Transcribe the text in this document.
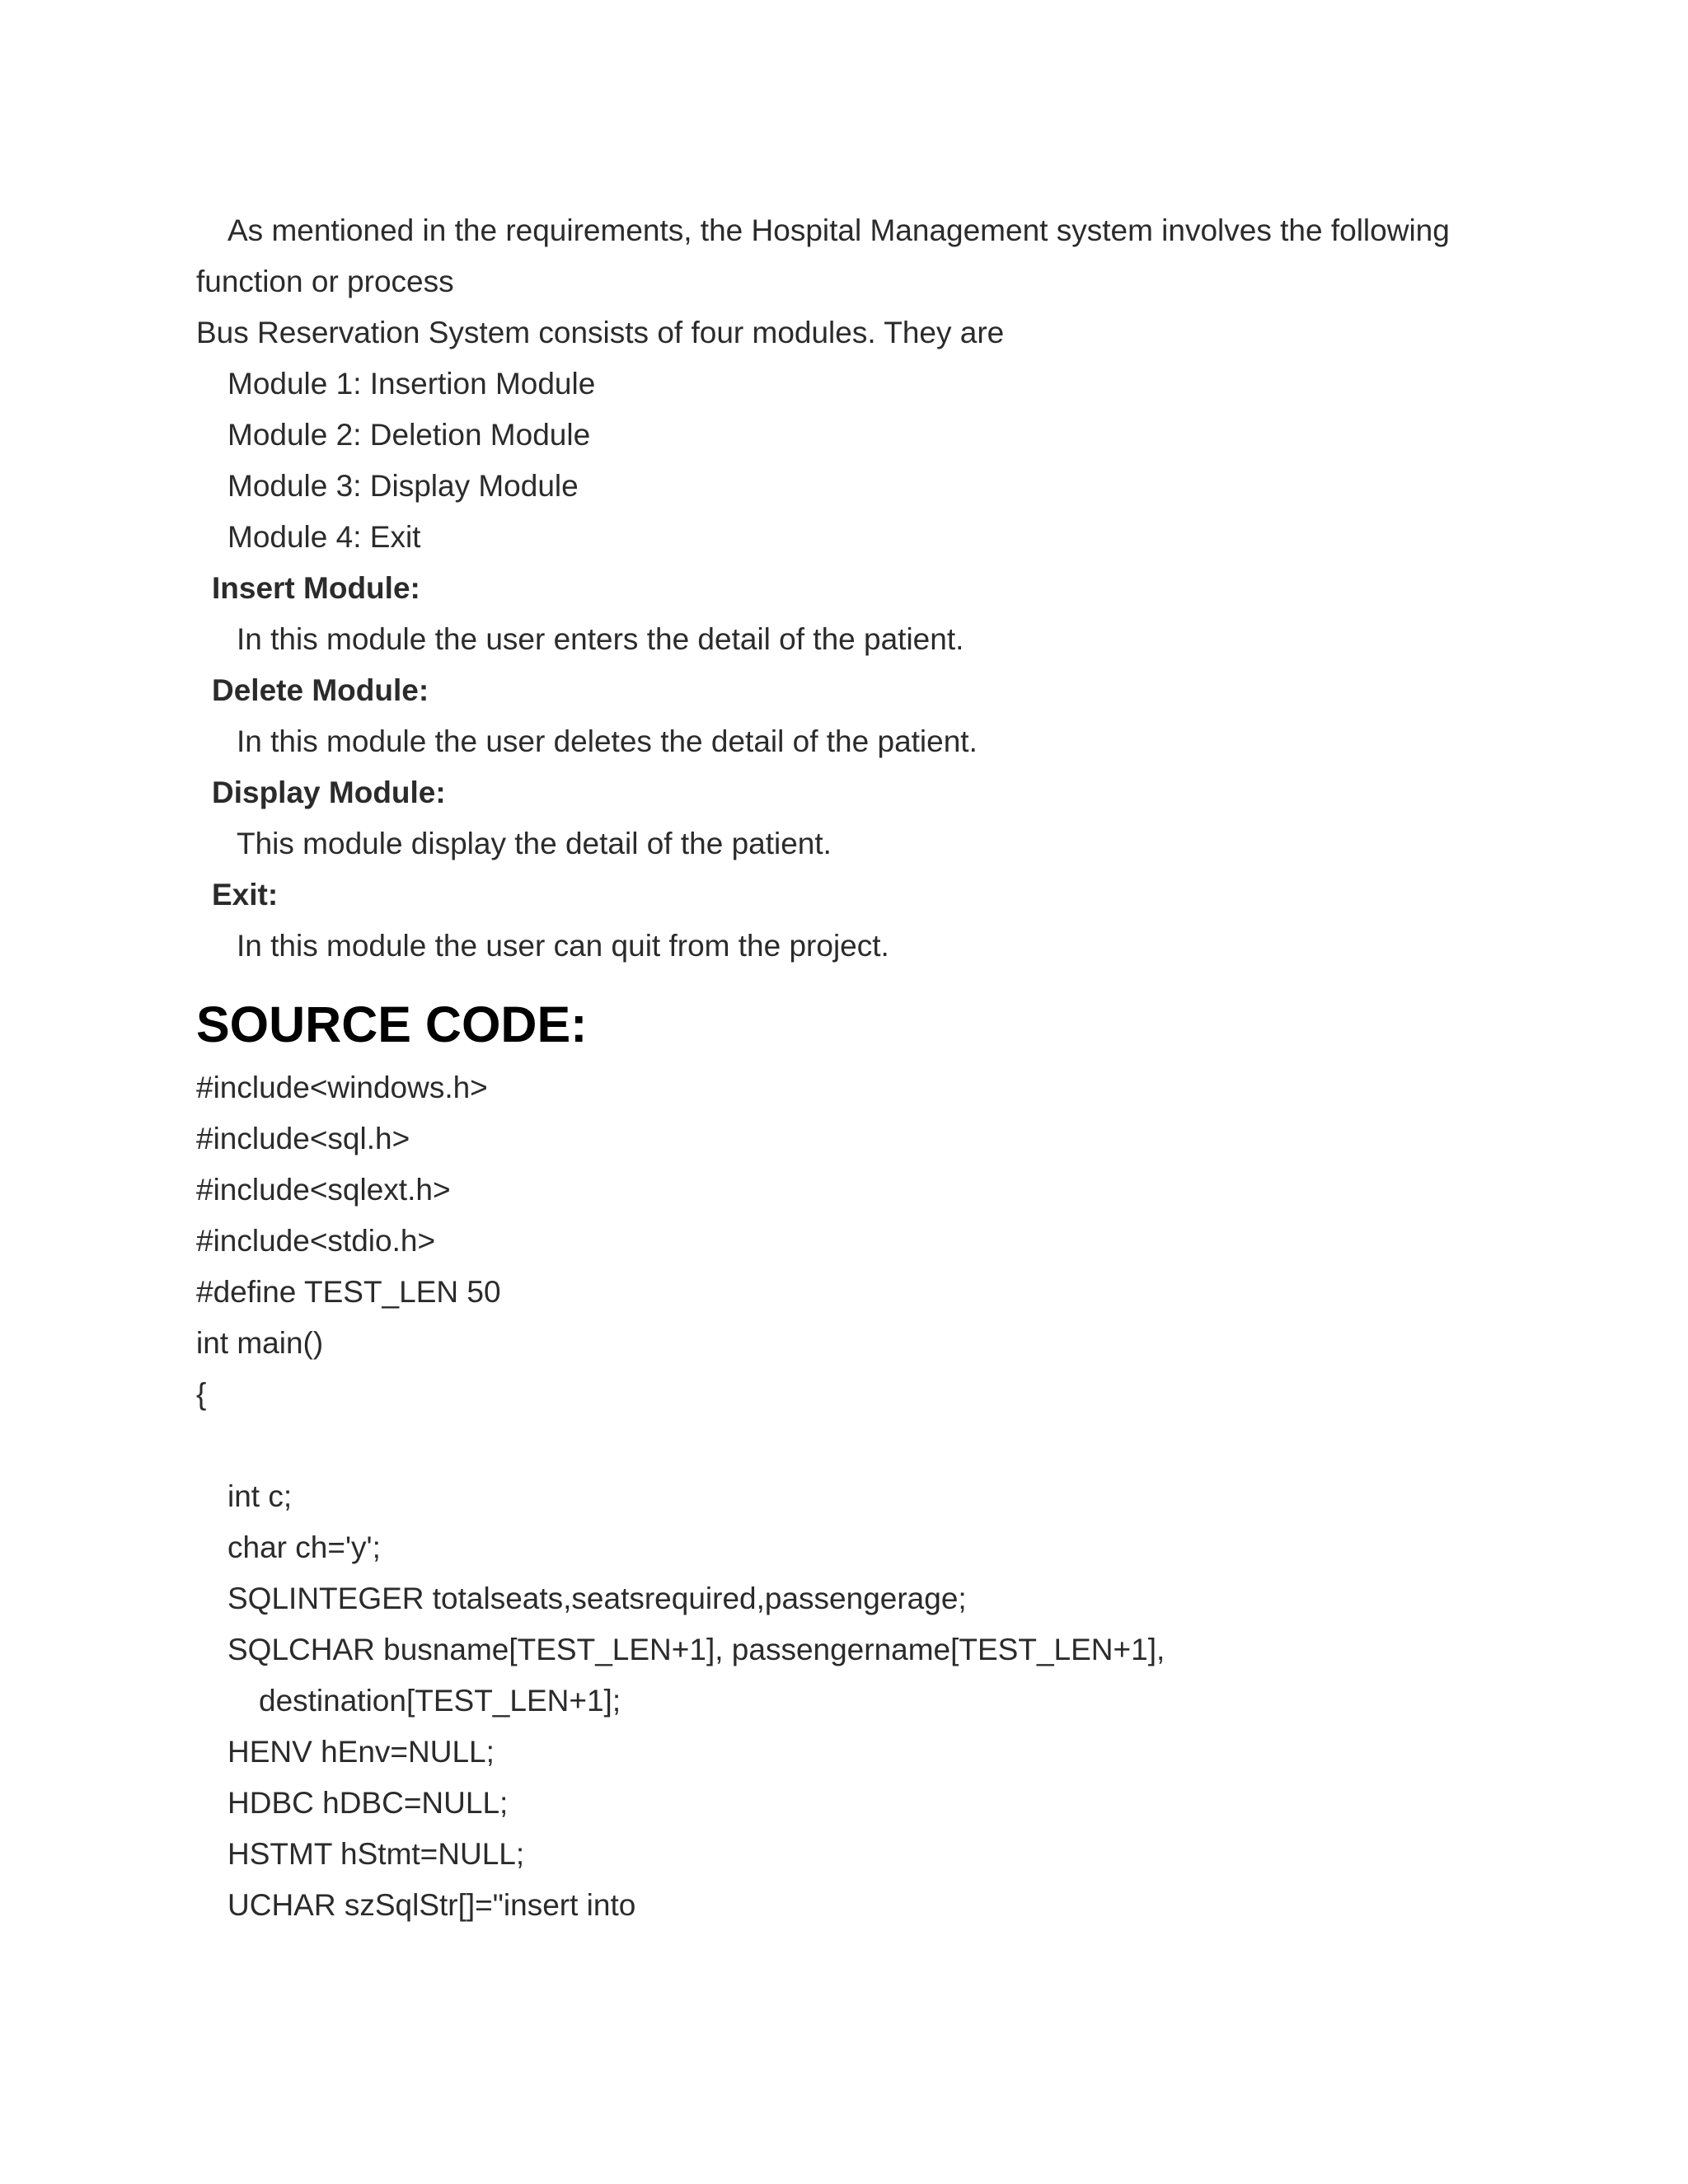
As mentioned in the requirements, the Hospital Management system involves the following
function or process
Bus Reservation System consists of four modules. They are
Module 1: Insertion Module
Module 2: Deletion Module
Module 3: Display Module
Module 4: Exit
Insert Module:
In this module the user enters the detail of the patient.
Delete Module:
In this module the user deletes the detail of the patient.
Display Module:
This module display the detail of the patient.
Exit:
In this module the user can quit from the project.
SOURCE CODE:
#include<windows.h>
#include<sql.h>
#include<sqlext.h>
#include<stdio.h>
#define TEST_LEN 50
int main()
{
int c;
char ch='y';
SQLINTEGER totalseats,seatsrequired,passengerage;
SQLCHAR busname[TEST_LEN+1], passengername[TEST_LEN+1],
destination[TEST_LEN+1];
HENV hEnv=NULL;
HDBC hDBC=NULL;
HSTMT hStmt=NULL;
UCHAR szSqlStr[]="insert into
